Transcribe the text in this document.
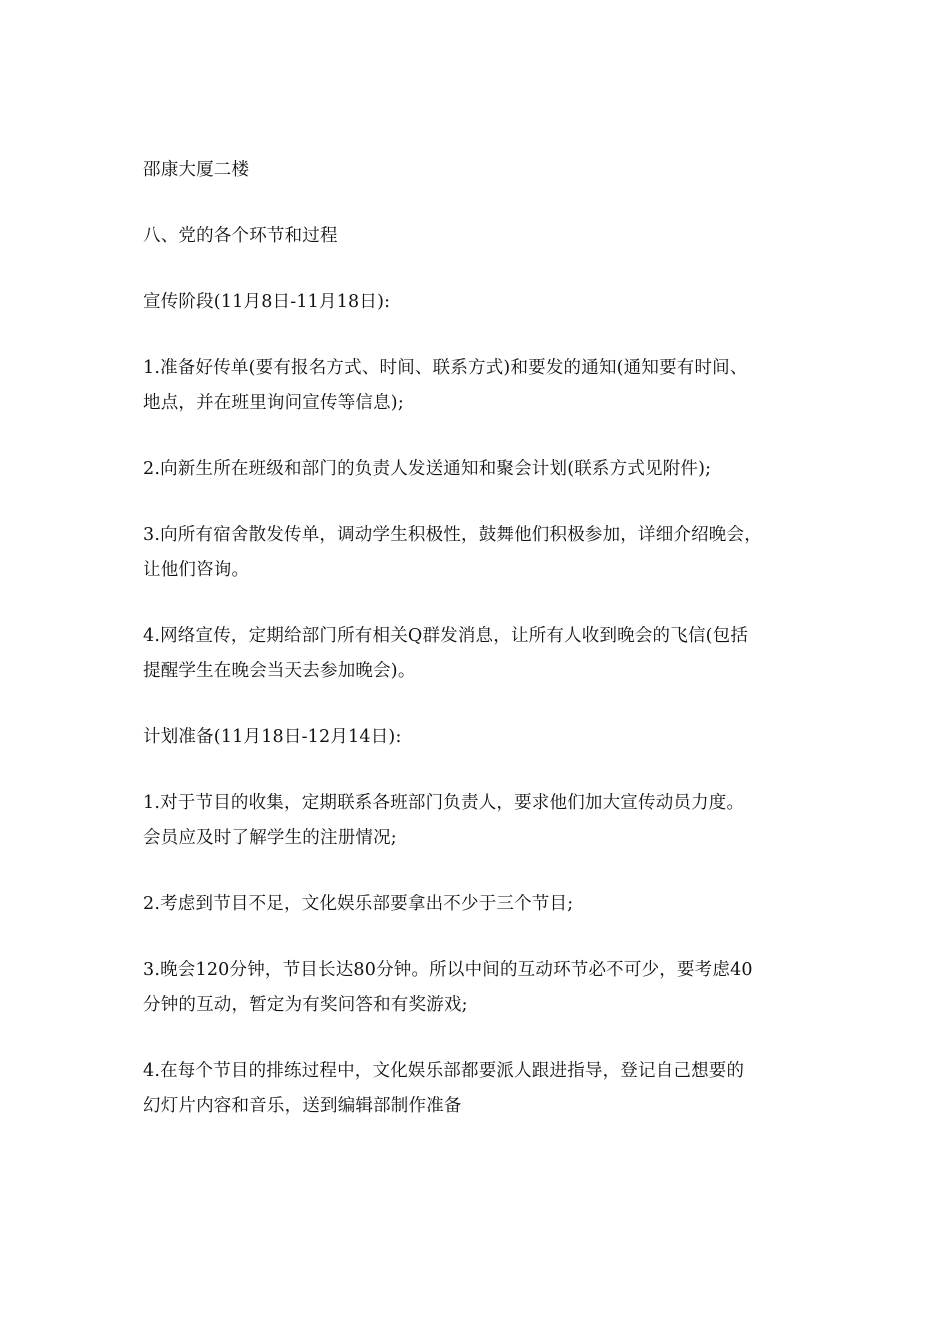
邵康大厦二楼

八、党的各个环节和过程

宣传阶段(11月8日-11月18日):

1.准备好传单(要有报名方式、时间、联系方式)和要发的通知(通知要有时间、
地点，并在班里询问宣传等信息);

2.向新生所在班级和部门的负责人发送通知和聚会计划(联系方式见附件);

3.向所有宿舍散发传单，调动学生积极性，鼓舞他们积极参加，详细介绍晚会，
让他们咨询。

4.网络宣传，定期给部门所有相关Q群发消息，让所有人收到晚会的飞信(包括
提醒学生在晚会当天去参加晚会)。

计划准备(11月18日-12月14日):

1.对于节目的收集，定期联系各班部门负责人，要求他们加大宣传动员力度。
会员应及时了解学生的注册情况;

2.考虑到节目不足，文化娱乐部要拿出不少于三个节目;

3.晚会120分钟，节目长达80分钟。所以中间的互动环节必不可少，要考虑40
分钟的互动，暂定为有奖问答和有奖游戏;

4.在每个节目的排练过程中，文化娱乐部都要派人跟进指导，登记自己想要的
幻灯片内容和音乐，送到编辑部制作准备
